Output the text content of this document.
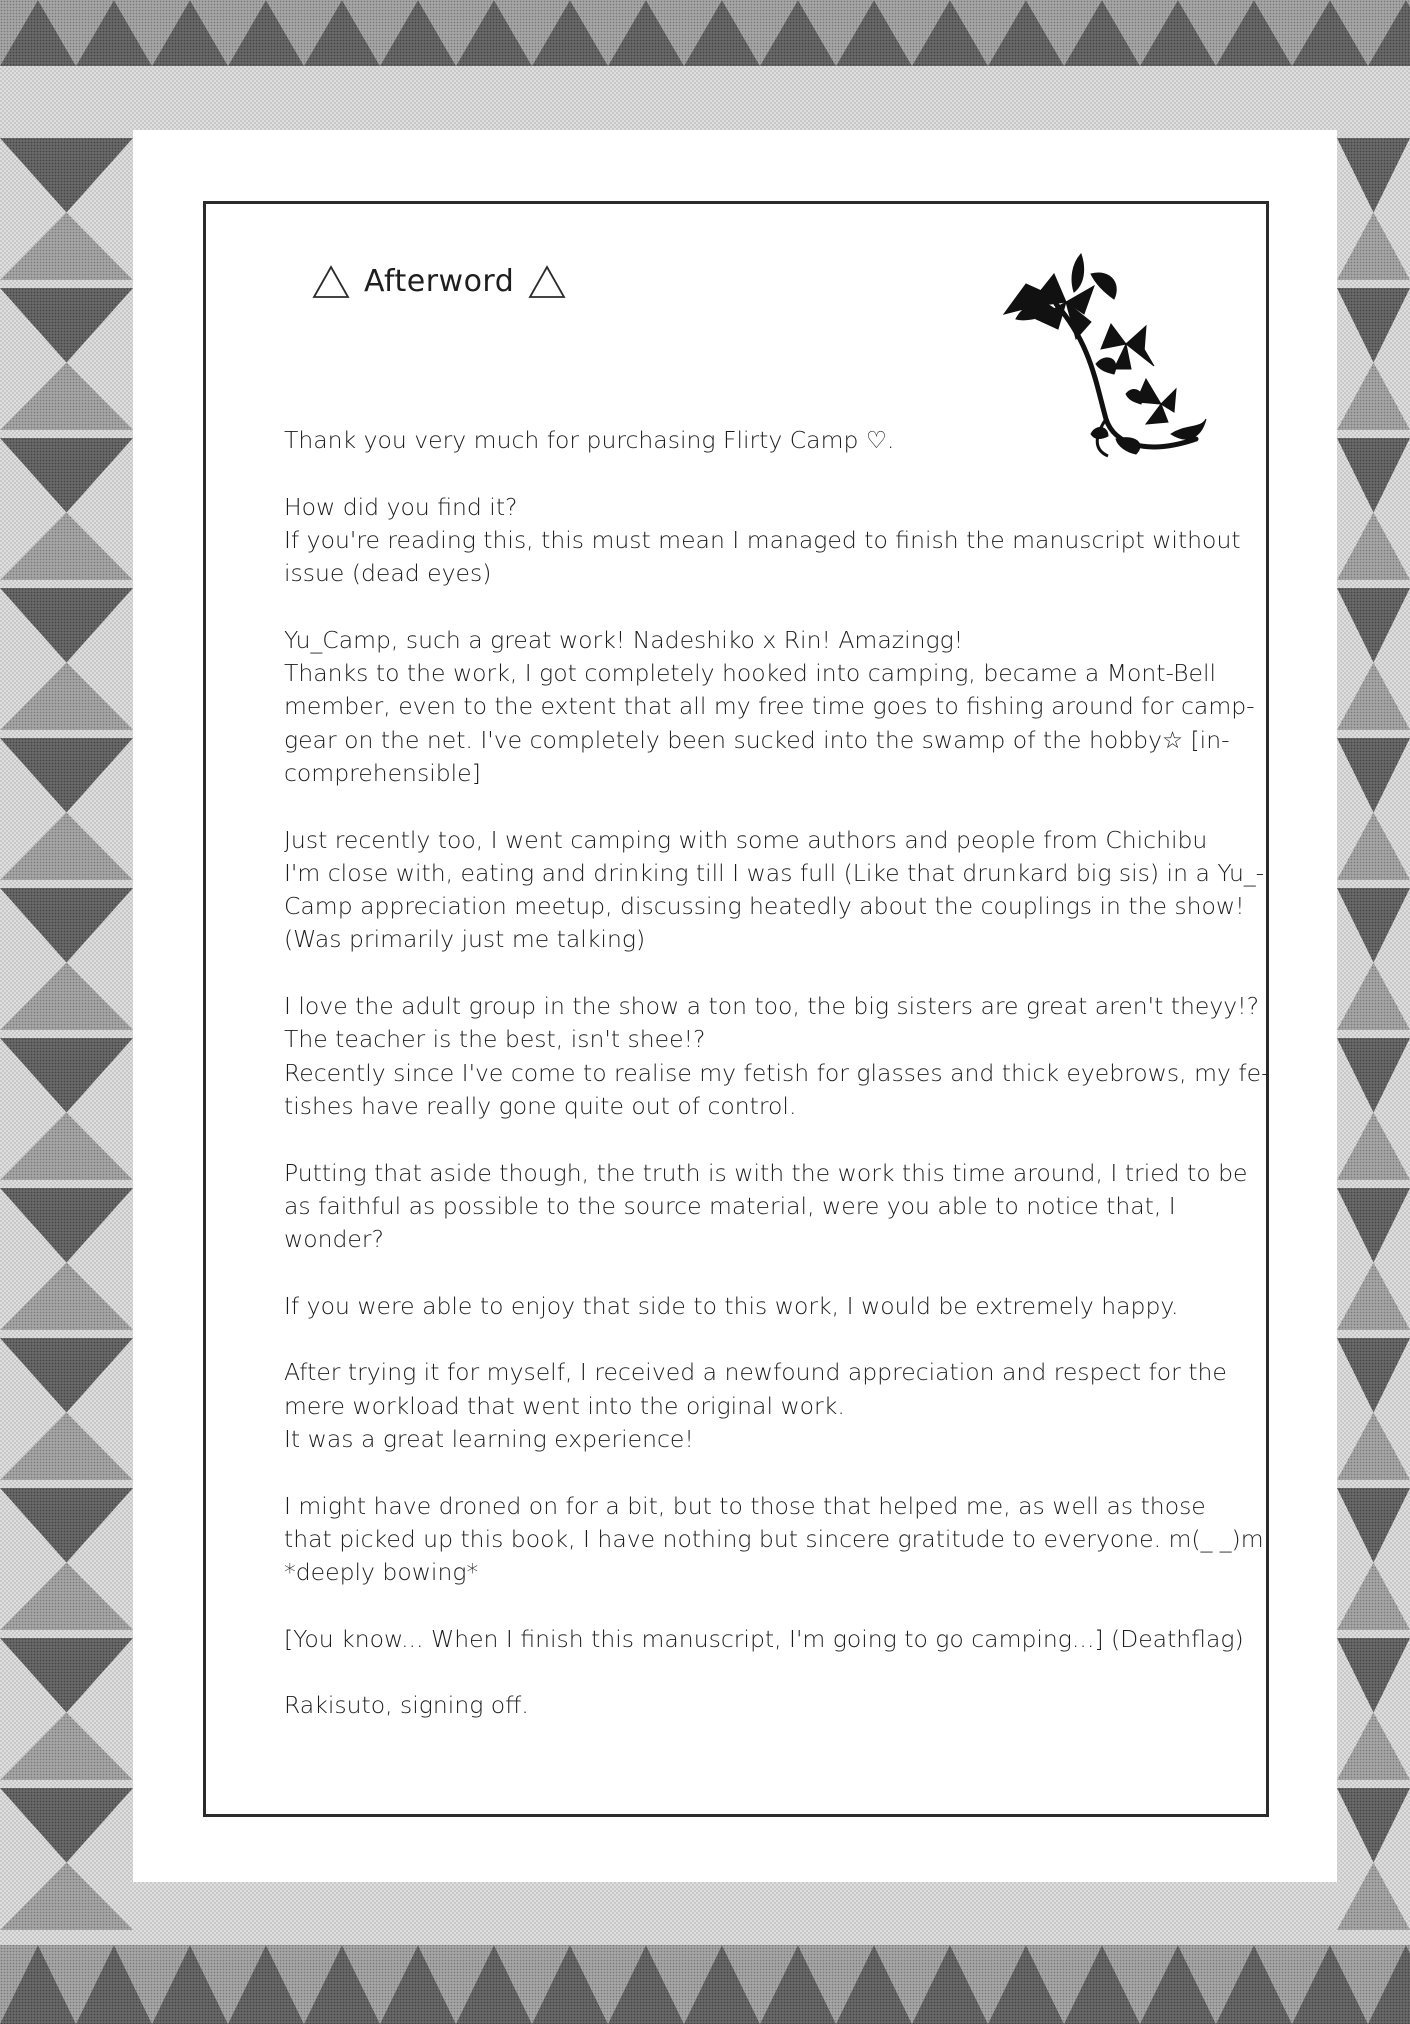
Afterword
Thank you very much for purchasing Flirty Camp ♡.
How did you find it?
If you're reading this, this must mean I managed to finish the manuscript without
issue (dead eyes)
Yu_Camp, such a great work! Nadeshiko x Rin! Amazingg!
Thanks to the work, I got completely hooked into camping, became a Mont-Bell
member, even to the extent that all my free time goes to fishing around for camp-
gear on the net. I've completely been sucked into the swamp of the hobby☆ [in-
comprehensible]
Just recently too, I went camping with some authors and people from Chichibu
I'm close with, eating and drinking till I was full (Like that drunkard big sis) in a Yu_-
Camp appreciation meetup, discussing heatedly about the couplings in the show!
(Was primarily just me talking)
I love the adult group in the show a ton too, the big sisters are great aren't theyy!?
The teacher is the best, isn't shee!?
Recently since I've come to realise my fetish for glasses and thick eyebrows, my fe-
tishes have really gone quite out of control.
Putting that aside though, the truth is with the work this time around, I tried to be
as faithful as possible to the source material, were you able to notice that, I
wonder?
If you were able to enjoy that side to this work, I would be extremely happy.
After trying it for myself, I received a newfound appreciation and respect for the
mere workload that went into the original work.
It was a great learning experience!
I might have droned on for a bit, but to those that helped me, as well as those
that picked up this book, I have nothing but sincere gratitude to everyone. m(_ _)m
*deeply bowing*
[You know... When I finish this manuscript, I'm going to go camping...] (Deathflag)
Rakisuto, signing off.
